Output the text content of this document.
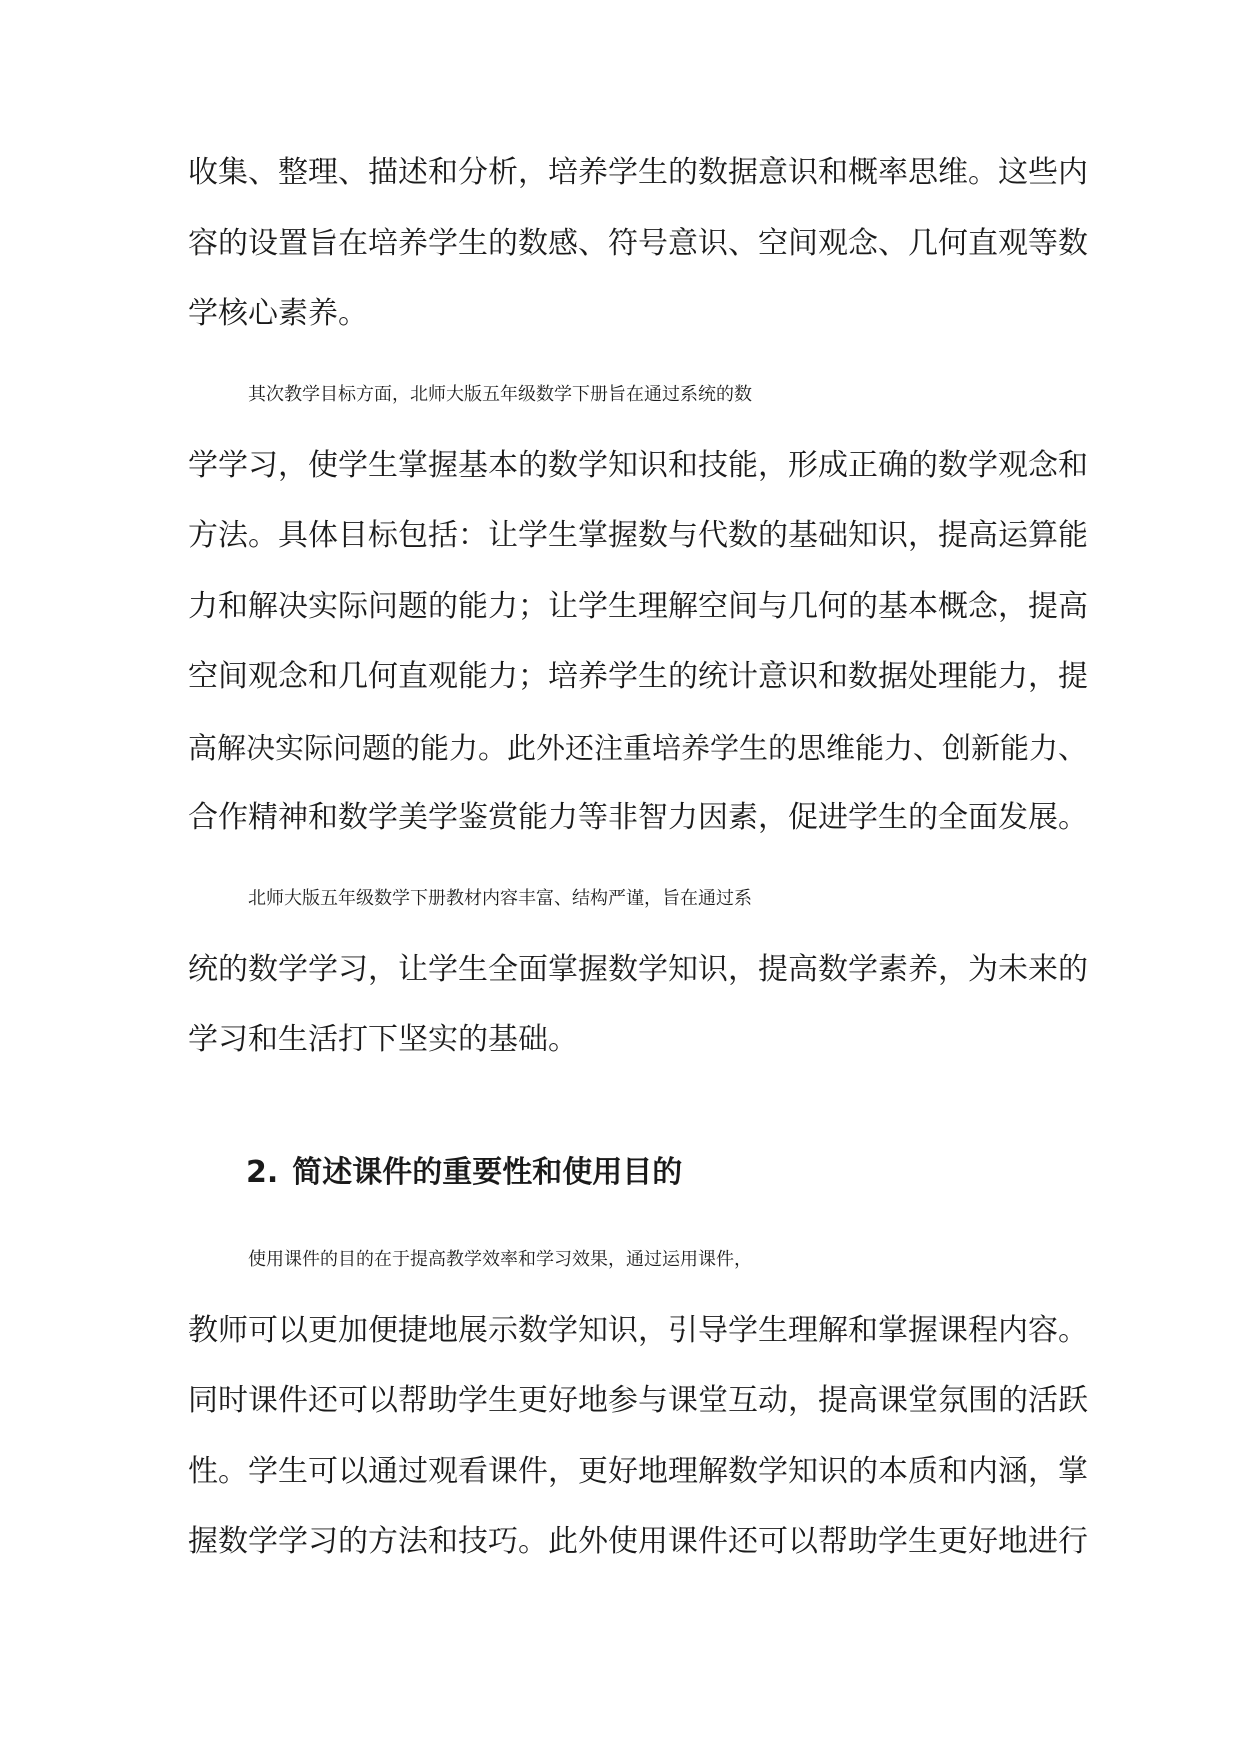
收集、整理、描述和分析，培养学生的数据意识和概率思维。这些内
容的设置旨在培养学生的数感、符号意识、空间观念、几何直观等数
学核心素养。
其次教学目标方面，北师大版五年级数学下册旨在通过系统的数
学学习，使学生掌握基本的数学知识和技能，形成正确的数学观念和
方法。具体目标包括：让学生掌握数与代数的基础知识，提高运算能
力和解决实际问题的能力；让学生理解空间与几何的基本概念，提高
空间观念和几何直观能力；培养学生的统计意识和数据处理能力，提
高解决实际问题的能力。此外还注重培养学生的思维能力、创新能力、
合作精神和数学美学鉴赏能力等非智力因素，促进学生的全面发展。
北师大版五年级数学下册教材内容丰富、结构严谨，旨在通过系
统的数学学习，让学生全面掌握数学知识，提高数学素养，为未来的
学习和生活打下坚实的基础。
2. 简述课件的重要性和使用目的
使用课件的目的在于提高教学效率和学习效果，通过运用课件，
教师可以更加便捷地展示数学知识，引导学生理解和掌握课程内容。
同时课件还可以帮助学生更好地参与课堂互动，提高课堂氛围的活跃
性。学生可以通过观看课件，更好地理解数学知识的本质和内涵，掌
握数学学习的方法和技巧。此外使用课件还可以帮助学生更好地进行
